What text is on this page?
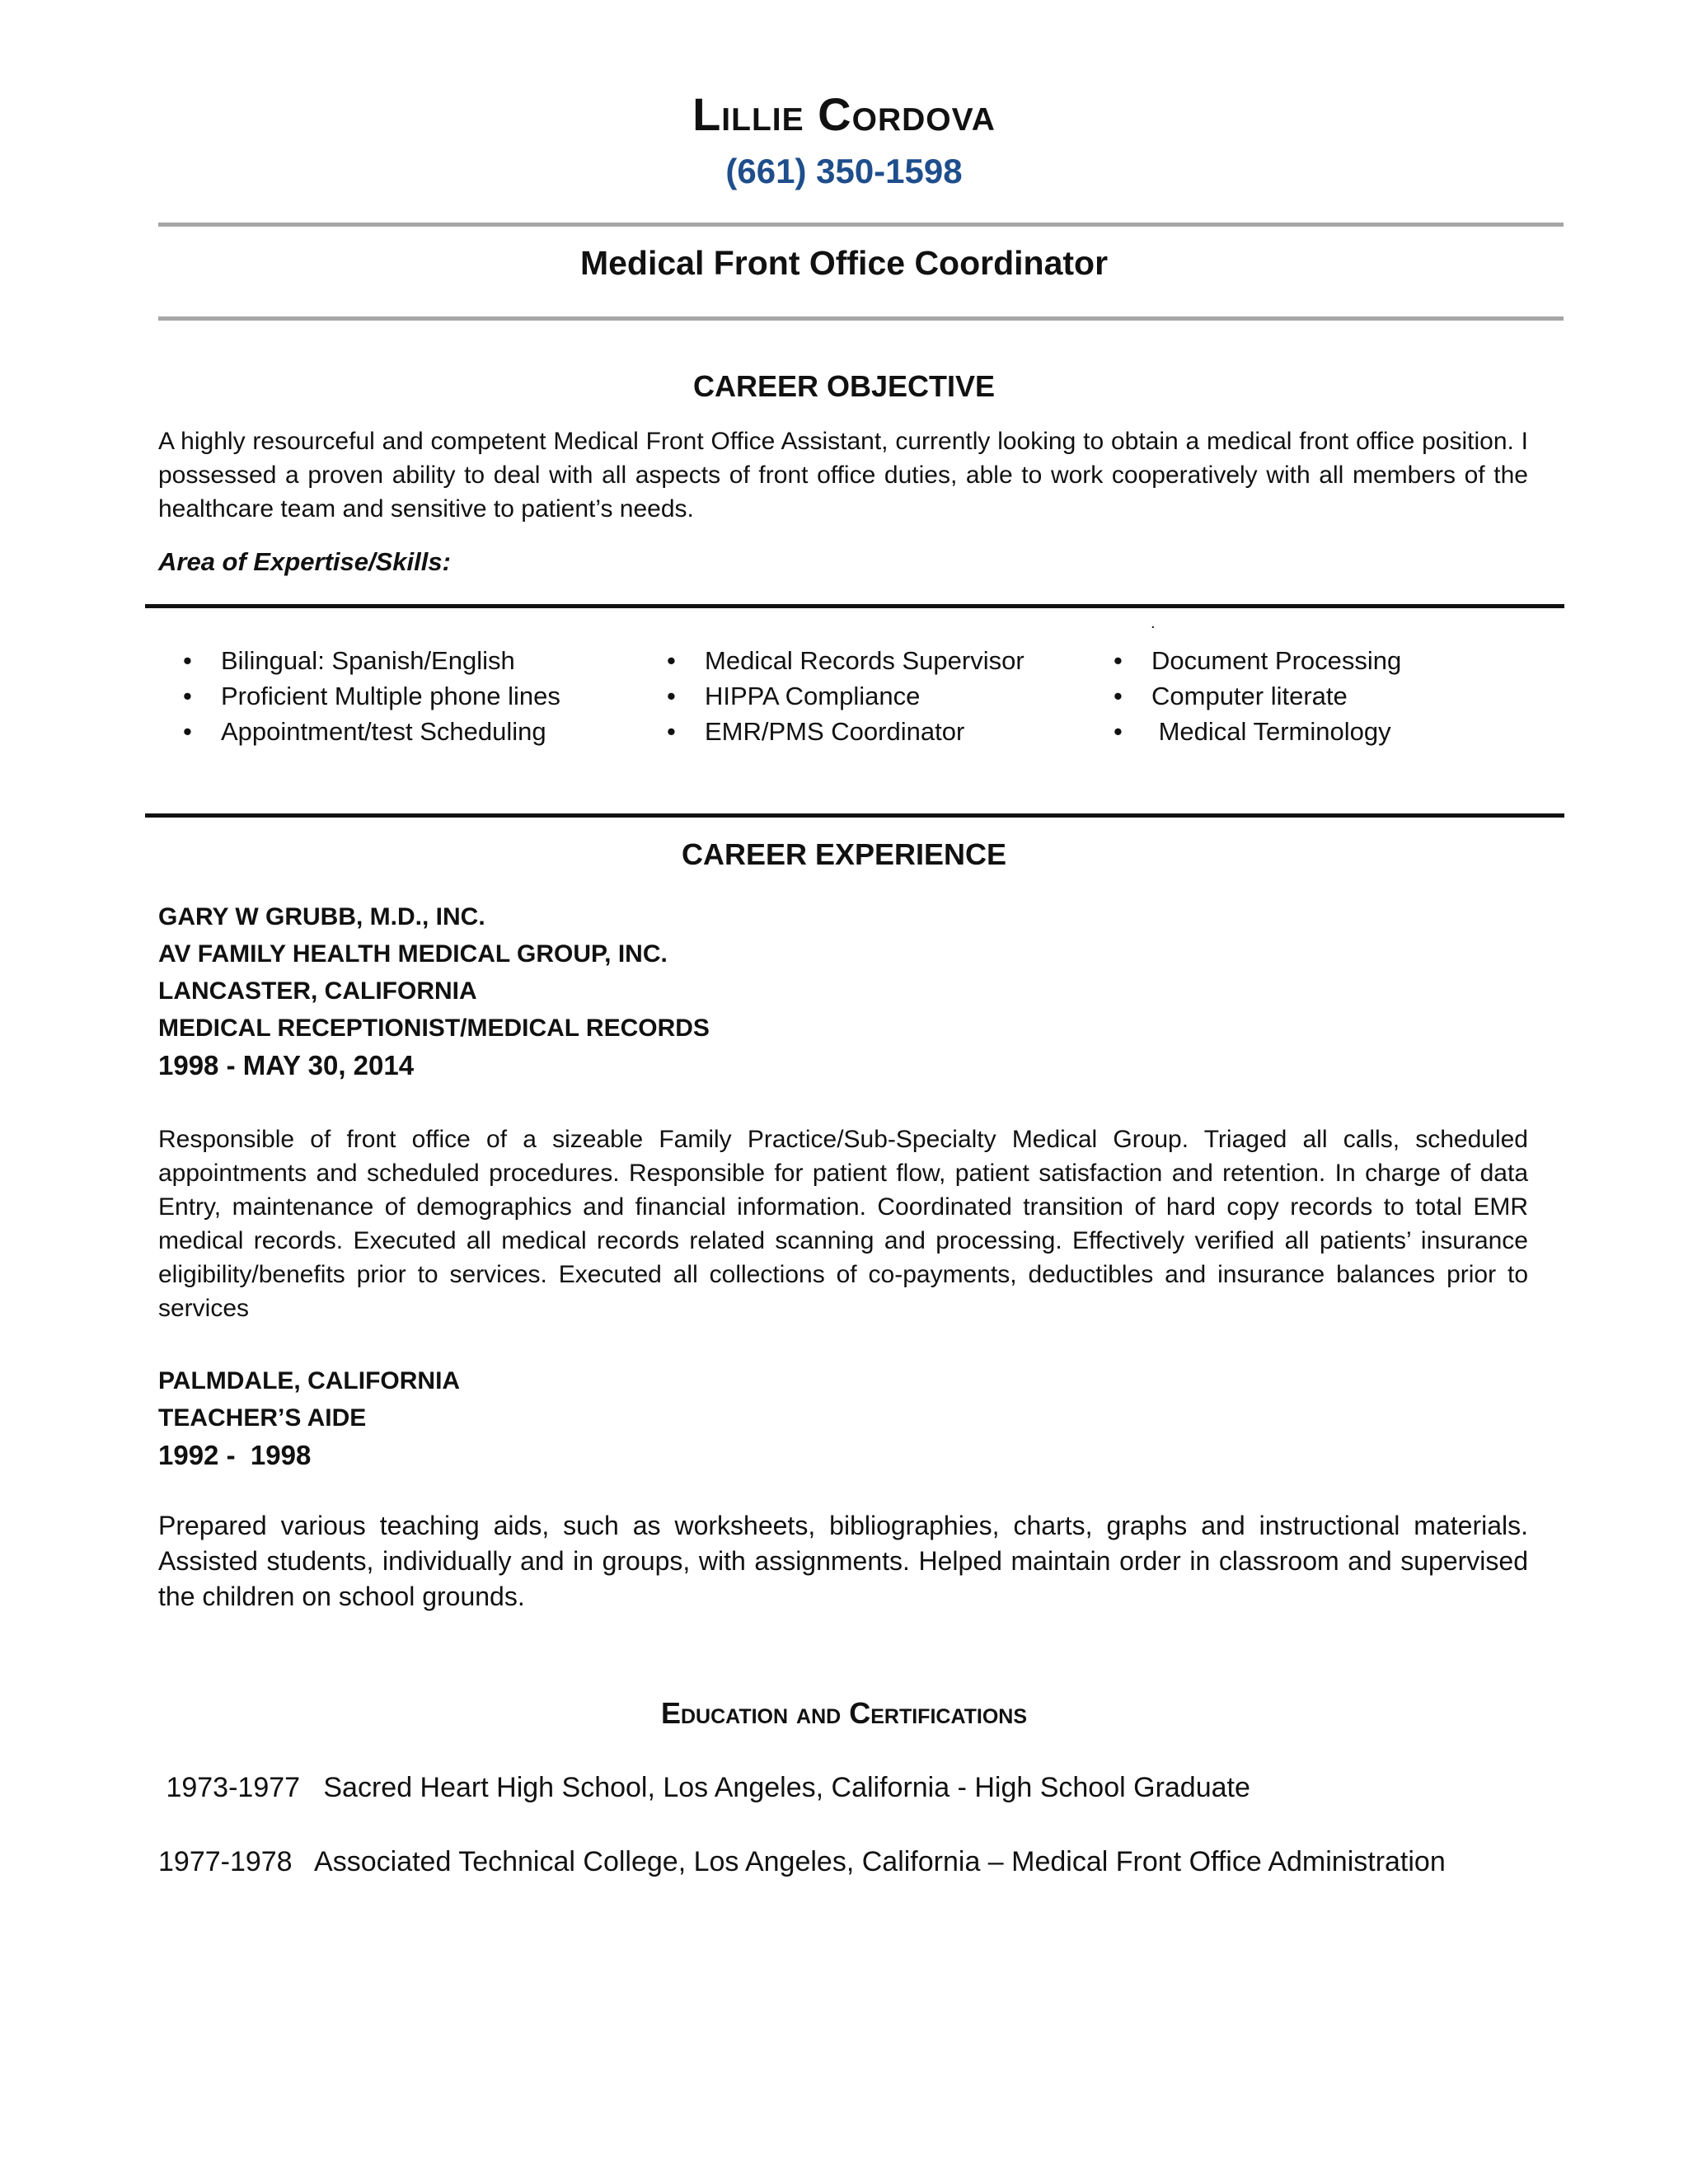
Lillie Cordova
(661) 350-1598
Medical Front Office Coordinator
CAREER OBJECTIVE

A highly resourceful and competent Medical Front Office Assistant, currently looking to obtain a medical front office position. I possessed a proven ability to deal with all aspects of front office duties, able to work cooperatively with all members of the healthcare team and sensitive to patient’s needs.

Area of Expertise/Skills:
.
• Bilingual: Spanish/English
• Proficient Multiple phone lines
• Appointment/test Scheduling
• Medical Records Supervisor
• HIPPA Compliance
• EMR/PMS Coordinator
• Document Processing
• Computer literate
• Medical Terminology
CAREER EXPERIENCE
GARY W GRUBB, M.D., INC.
AV FAMILY HEALTH MEDICAL GROUP, INC.
LANCASTER, CALIFORNIA
MEDICAL RECEPTIONIST/MEDICAL RECORDS
1998 - MAY 30, 2014

Responsible of front office of a sizeable Family Practice/Sub-Specialty Medical Group. Triaged all calls, scheduled appointments and scheduled procedures. Responsible for patient flow, patient satisfaction and retention. In charge of data Entry, maintenance of demographics and financial information. Coordinated transition of hard copy records to total EMR medical records. Executed all medical records related scanning and processing. Effectively verified all patients’ insurance eligibility/benefits prior to services. Executed all collections of co-payments, deductibles and insurance balances prior to services

PALMDALE, CALIFORNIA
TEACHER’S AIDE
1992 -  1998

Prepared various teaching aids, such as worksheets, bibliographies, charts, graphs and instructional materials. Assisted students, individually and in groups, with assignments. Helped maintain order in classroom and supervised the children on school grounds.

Education and Certifications
1973-1977   Sacred Heart High School, Los Angeles, California - High School Graduate
1977-1978   Associated Technical College, Los Angeles, California – Medical Front Office Administration
